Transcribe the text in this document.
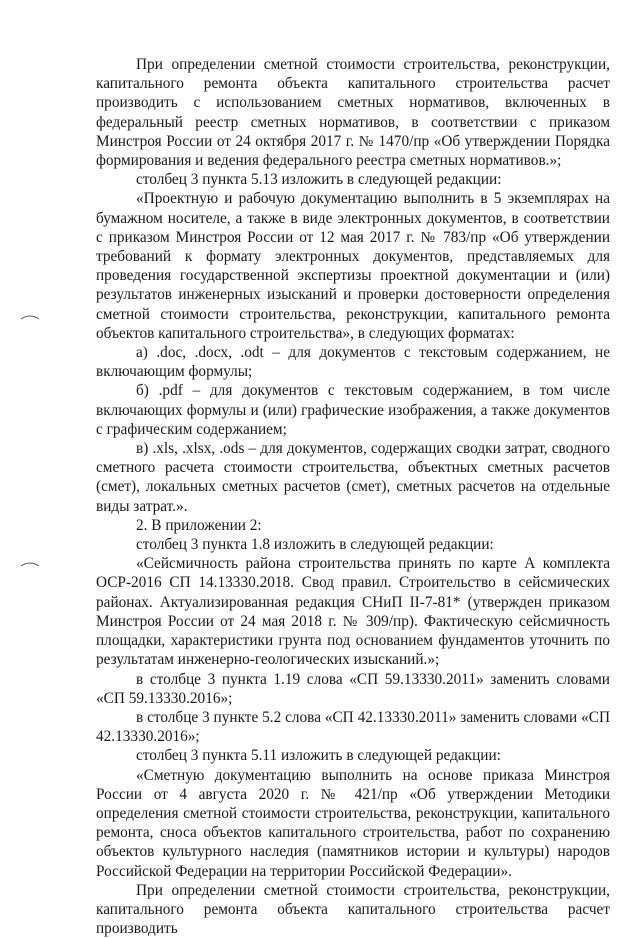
При определении сметной стоимости строительства, реконструкции, капитального ремонта объекта капитального строительства расчет производить с использованием сметных нормативов, включенных в федеральный реестр сметных нормативов, в соответствии с приказом Минстроя России от 24 октября 2017 г. № 1470/пр «Об утверждении Порядка формирования и ведения федерального реестра сметных нормативов.»;

столбец 3 пункта 5.13 изложить в следующей редакции:

«Проектную и рабочую документацию выполнить в 5 экземплярах на бумажном носителе, а также в виде электронных документов, в соответствии с приказом Минстроя России от 12 мая 2017 г. № 783/пр «Об утверждении требований к формату электронных документов, представляемых для проведения государственной экспертизы проектной документации и (или) результатов инженерных изысканий и проверки достоверности определения сметной стоимости строительства, реконструкции, капитального ремонта объектов капитального строительства», в следующих форматах:

а) .doc, .docx, .odt – для документов с текстовым содержанием, не включающим формулы;

б) .pdf – для документов с текстовым содержанием, в том числе включающих формулы и (или) графические изображения, а также документов с графическим содержанием;

в) .xls, .xlsx, .ods – для документов, содержащих сводки затрат, сводного сметного расчета стоимости строительства, объектных сметных расчетов (смет), локальных сметных расчетов (смет), сметных расчетов на отдельные виды затрат.».

2. В приложении 2:

столбец 3 пункта 1.8 изложить в следующей редакции:

«Сейсмичность района строительства принять по карте А комплекта ОСР-2016 СП 14.13330.2018. Свод правил. Строительство в сейсмических районах. Актуализированная редакция СНиП II-7-81* (утвержден приказом Минстроя России от 24 мая 2018 г. № 309/пр). Фактическую сейсмичность площадки, характеристики грунта под основанием фундаментов уточнить по результатам инженерно-геологических изысканий.»;

в столбце 3 пункта 1.19 слова «СП 59.13330.2011» заменить словами «СП 59.13330.2016»;

в столбце 3 пункте 5.2 слова «СП 42.13330.2011» заменить словами «СП 42.13330.2016»;

столбец 3 пункта 5.11 изложить в следующей редакции:

«Сметную документацию выполнить на основе приказа Минстроя России от 4 августа 2020 г. № 421/пр «Об утверждении Методики определения сметной стоимости строительства, реконструкции, капитального ремонта, сноса объектов капитального строительства, работ по сохранению объектов культурного наследия (памятников истории и культуры) народов Российской Федерации на территории Российской Федерации».

При определении сметной стоимости строительства, реконструкции, капитального ремонта объекта капитального строительства расчет производить
